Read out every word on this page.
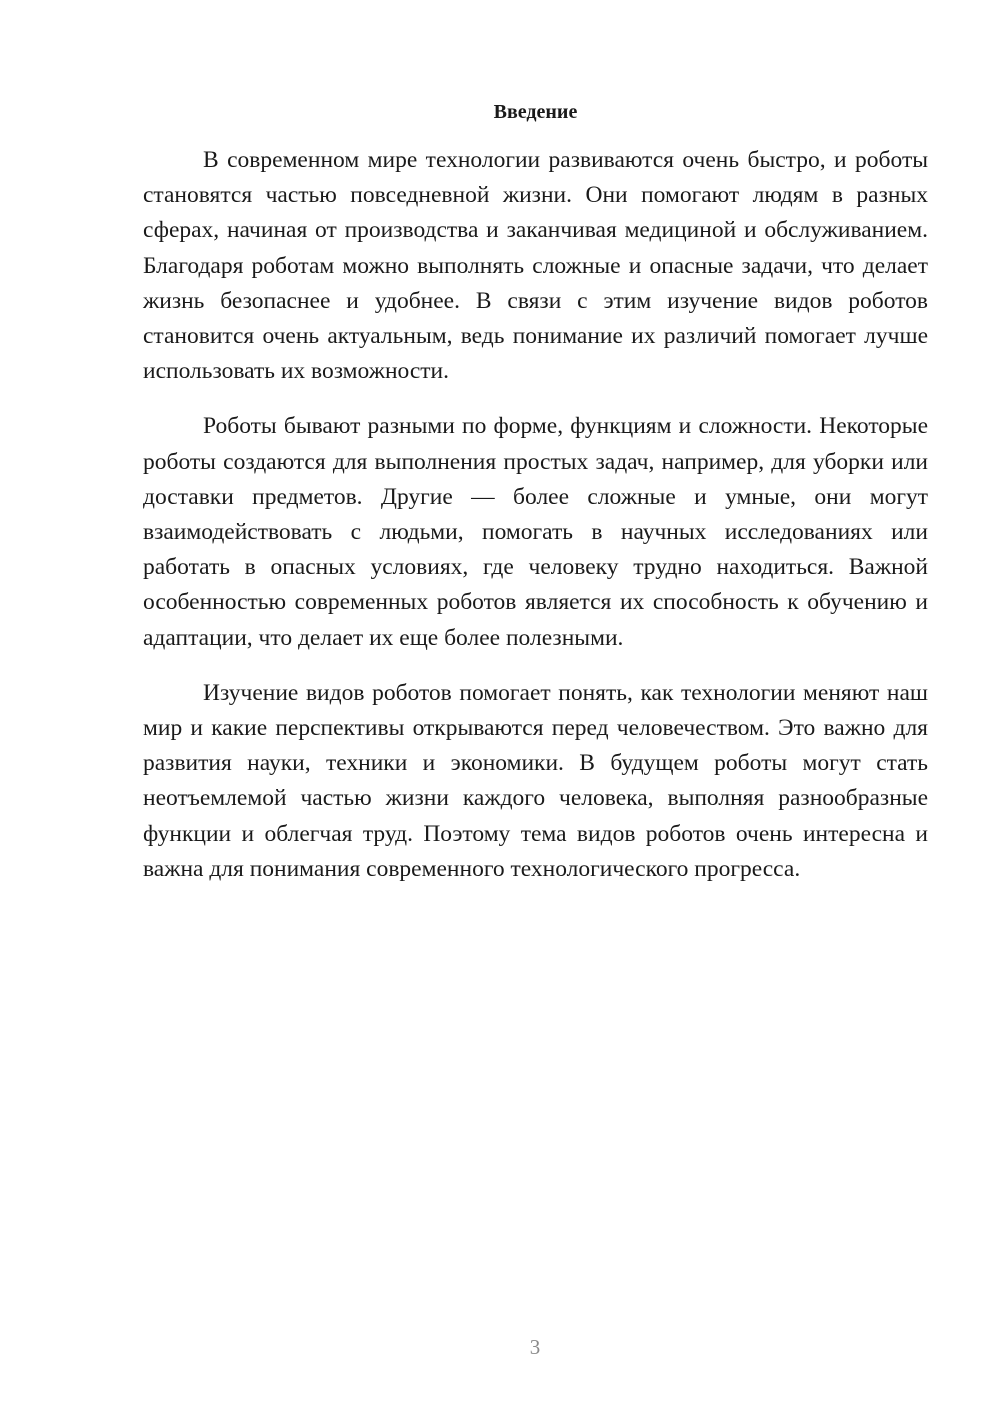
Введение

В современном мире технологии развиваются очень быстро, и роботы становятся частью повседневной жизни. Они помогают людям в разных сферах, начиная от производства и заканчивая медициной и обслуживанием. Благодаря роботам можно выполнять сложные и опасные задачи, что делает жизнь безопаснее и удобнее. В связи с этим изучение видов роботов становится очень актуальным, ведь понимание их различий помогает лучше использовать их возможности.

Роботы бывают разными по форме, функциям и сложности. Некоторые роботы создаются для выполнения простых задач, например, для уборки или доставки предметов. Другие — более сложные и умные, они могут взаимодействовать с людьми, помогать в научных исследованиях или работать в опасных условиях, где человеку трудно находиться. Важной особенностью современных роботов является их способность к обучению и адаптации, что делает их еще более полезными.

Изучение видов роботов помогает понять, как технологии меняют наш мир и какие перспективы открываются перед человечеством. Это важно для развития науки, техники и экономики. В будущем роботы могут стать неотъемлемой частью жизни каждого человека, выполняя разнообразные функции и облегчая труд. Поэтому тема видов роботов очень интересна и важна для понимания современного технологического прогресса.

3
